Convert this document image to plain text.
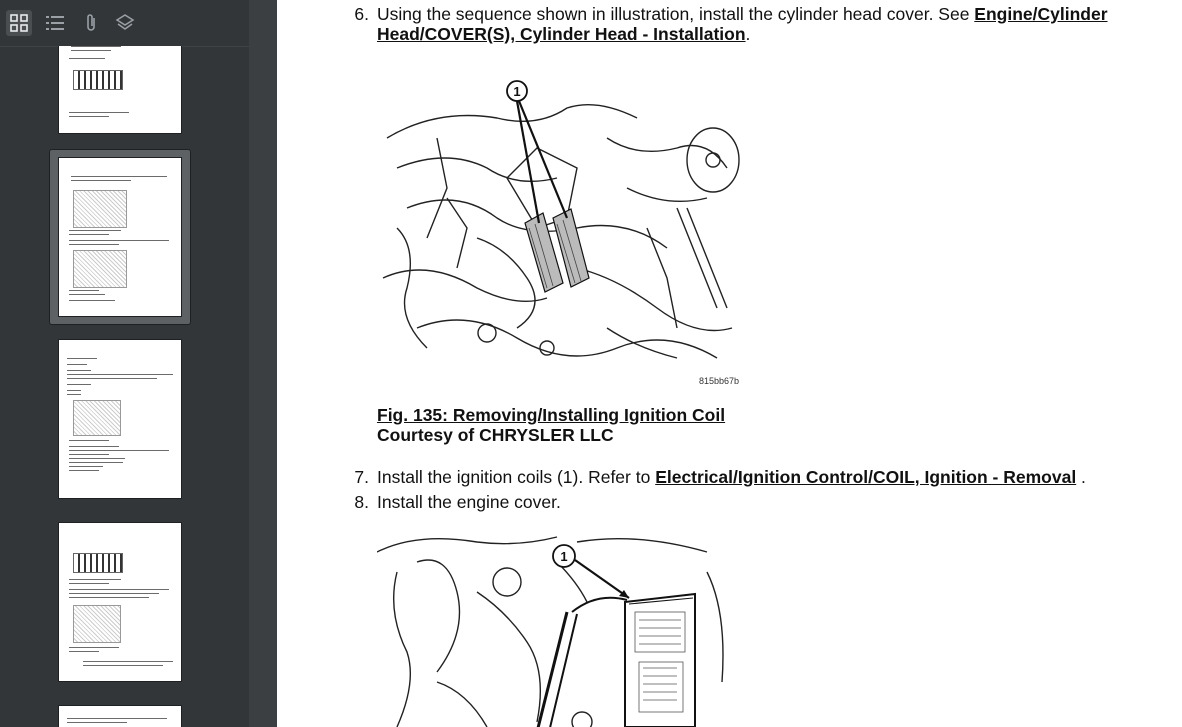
6. Using the sequence shown in illustration, install the cylinder head cover. See Engine/Cylinder
Head/COVER(S), Cylinder Head - Installation.
1
815bb67b
Fig. 135: Removing/Installing Ignition Coil
Courtesy of CHRYSLER LLC
7. Install the ignition coils (1). Refer to Electrical/Ignition Control/COIL, Ignition - Removal .
8. Install the engine cover.
1
